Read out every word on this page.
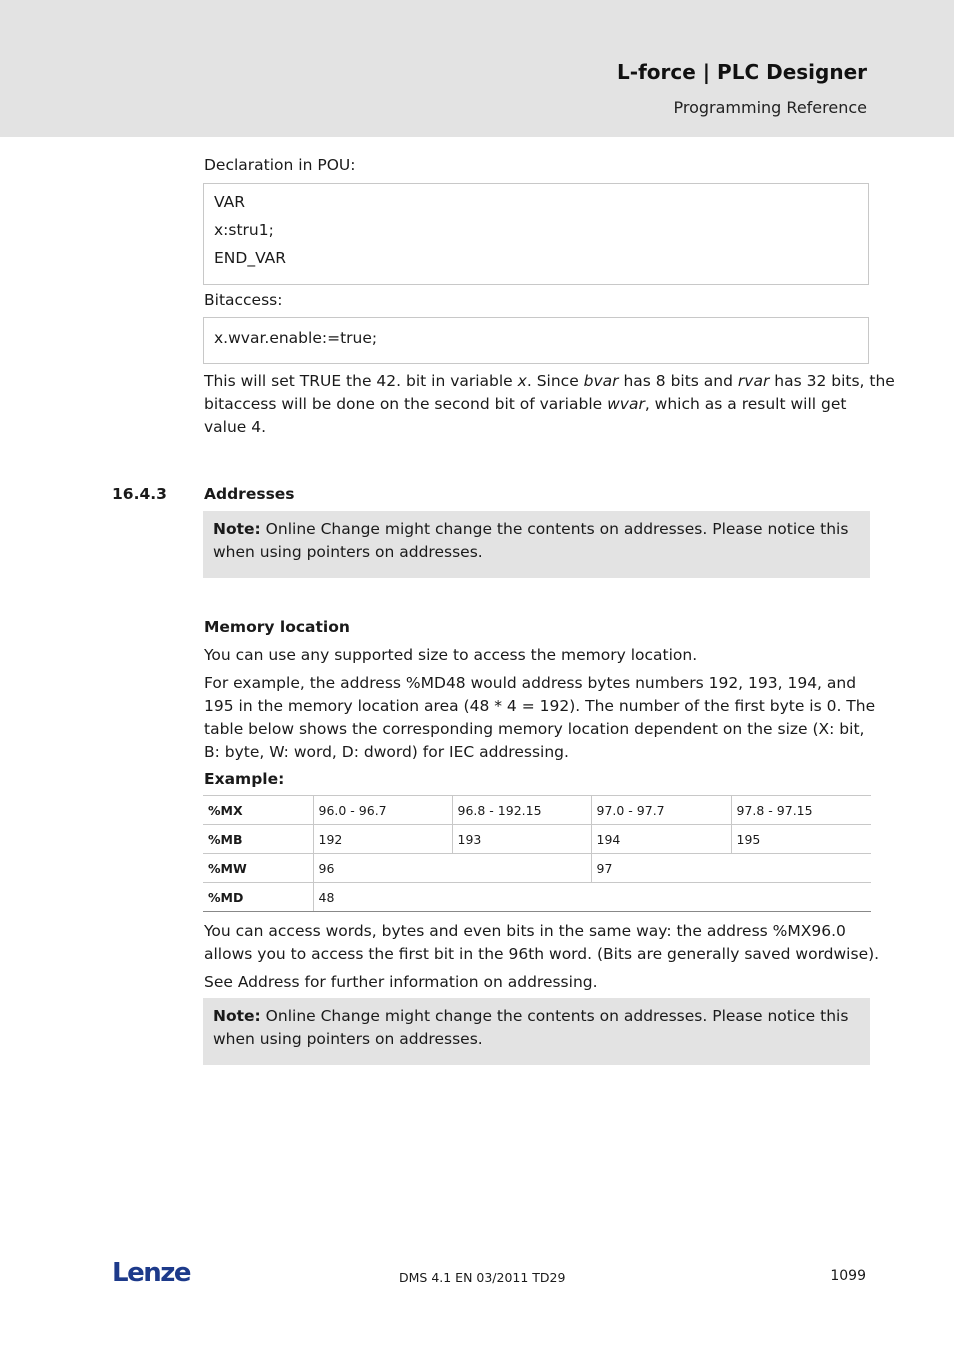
L-force | PLC Designer
Programming Reference
Declaration in POU:
VAR
x:stru1;
END_VAR
Bitaccess:
x.wvar.enable:=true;
This will set TRUE the 42. bit in variable x. Since bvar has 8 bits and rvar has 32 bits, the
bitaccess will be done on the second bit of variable wvar, which as a result will get
value 4.
16.4.3 Addresses
Note: Online Change might change the contents on addresses. Please notice this
when using pointers on addresses.
Memory location
You can use any supported size to access the memory location.
For example, the address %MD48 would address bytes numbers 192, 193, 194, and
195 in the memory location area (48 * 4 = 192). The number of the first byte is 0. The
table below shows the corresponding memory location dependent on the size (X: bit,
B: byte, W: word, D: dword) for IEC addressing.
Example:
%MX	96.0 - 96.7	96.8 - 192.15	97.0 - 97.7	97.8 - 97.15
%MB	192	193	194	195
%MW	96		97	
%MD	48			
You can access words, bytes and even bits in the same way: the address %MX96.0
allows you to access the first bit in the 96th word. (Bits are generally saved wordwise).
See Address for further information on addressing.
Note: Online Change might change the contents on addresses. Please notice this
when using pointers on addresses.
Lenze	DMS 4.1 EN 03/2011 TD29	1099
